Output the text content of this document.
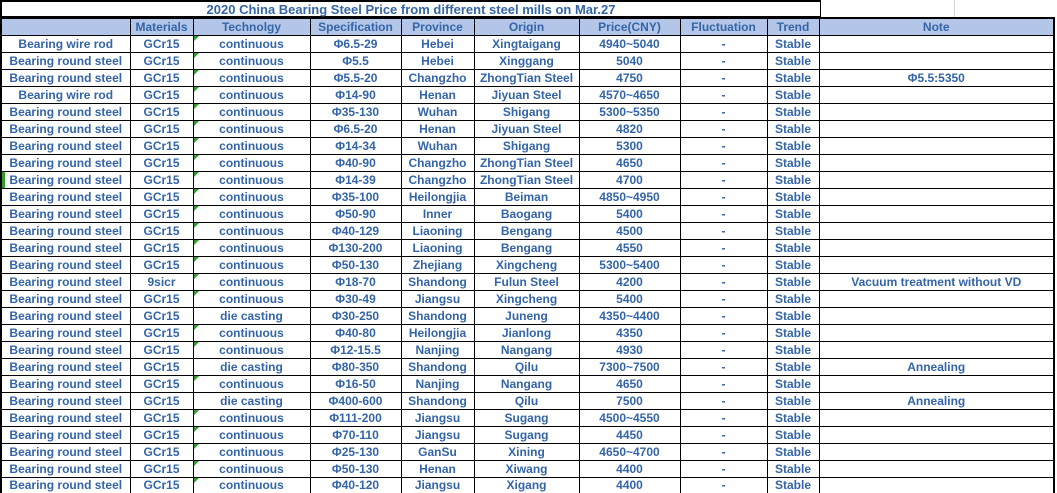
2020 China Bearing Steel Price from different steel mills on Mar.27
	Materials	Technolgy	Specification	Province	Origin	Price(CNY)	Fluctuation	Trend	Note
Bearing wire rod	GCr15	continuous	Φ6.5-29	Hebei	Xingtaigang	4940~5040	-	Stable	
Bearing round steel	GCr15	continuous	Φ5.5	Hebei	Xinggang	5040	-	Stable	
Bearing round steel	GCr15	continuous	Φ5.5-20	Changzho	ZhongTian Steel	4750	-	Stable	Φ5.5:5350
Bearing wire rod	GCr15	continuous	Φ14-90	Henan	Jiyuan Steel	4570~4650	-	Stable	
Bearing round steel	GCr15	continuous	Φ35-130	Wuhan	Shigang	5300~5350	-	Stable	
Bearing round steel	GCr15	continuous	Φ6.5-20	Henan	Jiyuan Steel	4820	-	Stable	
Bearing round steel	GCr15	continuous	Φ14-34	Wuhan	Shigang	5300	-	Stable	
Bearing round steel	GCr15	continuous	Φ40-90	Changzho	ZhongTian Steel	4650	-	Stable	
Bearing round steel	GCr15	continuous	Φ14-39	Changzho	ZhongTian Steel	4700	-	Stable	
Bearing round steel	GCr15	continuous	Φ35-100	Heilongjia	Beiman	4850~4950	-	Stable	
Bearing round steel	GCr15	continuous	Φ50-90	Inner	Baogang	5400	-	Stable	
Bearing round steel	GCr15	continuous	Φ40-129	Liaoning	Bengang	4500	-	Stable	
Bearing round steel	GCr15	continuous	Φ130-200	Liaoning	Bengang	4550	-	Stable	
Bearing round steel	GCr15	continuous	Φ50-130	Zhejiang	Xingcheng	5300~5400	-	Stable	
Bearing round steel	9sicr	continuous	Φ18-70	Shandong	Fulun Steel	4200	-	Stable	Vacuum treatment without VD
Bearing round steel	GCr15	continuous	Φ30-49	Jiangsu	Xingcheng	5400	-	Stable	
Bearing round steel	GCr15	die casting	Φ30-250	Shandong	Juneng	4350~4400	-	Stable	
Bearing round steel	GCr15	continuous	Φ40-80	Heilongjia	Jianlong	4350	-	Stable	
Bearing round steel	GCr15	continuous	Φ12-15.5	Nanjing	Nangang	4930	-	Stable	
Bearing round steel	GCr15	die casting	Φ80-350	Shandong	Qilu	7300~7500	-	Stable	Annealing
Bearing round steel	GCr15	continuous	Φ16-50	Nanjing	Nangang	4650	-	Stable	
Bearing round steel	GCr15	die casting	Φ400-600	Shandong	Qilu	7500	-	Stable	Annealing
Bearing round steel	GCr15	continuous	Φ111-200	Jiangsu	Sugang	4500~4550	-	Stable	
Bearing round steel	GCr15	continuous	Φ70-110	Jiangsu	Sugang	4450	-	Stable	
Bearing round steel	GCr15	continuous	Φ25-130	GanSu	Xining	4650~4700	-	Stable	
Bearing round steel	GCr15	continuous	Φ50-130	Henan	Xiwang	4400	-	Stable	
Bearing round steel	GCr15	continuous	Φ40-120	Jiangsu	Xigang	4400	-	Stable	
